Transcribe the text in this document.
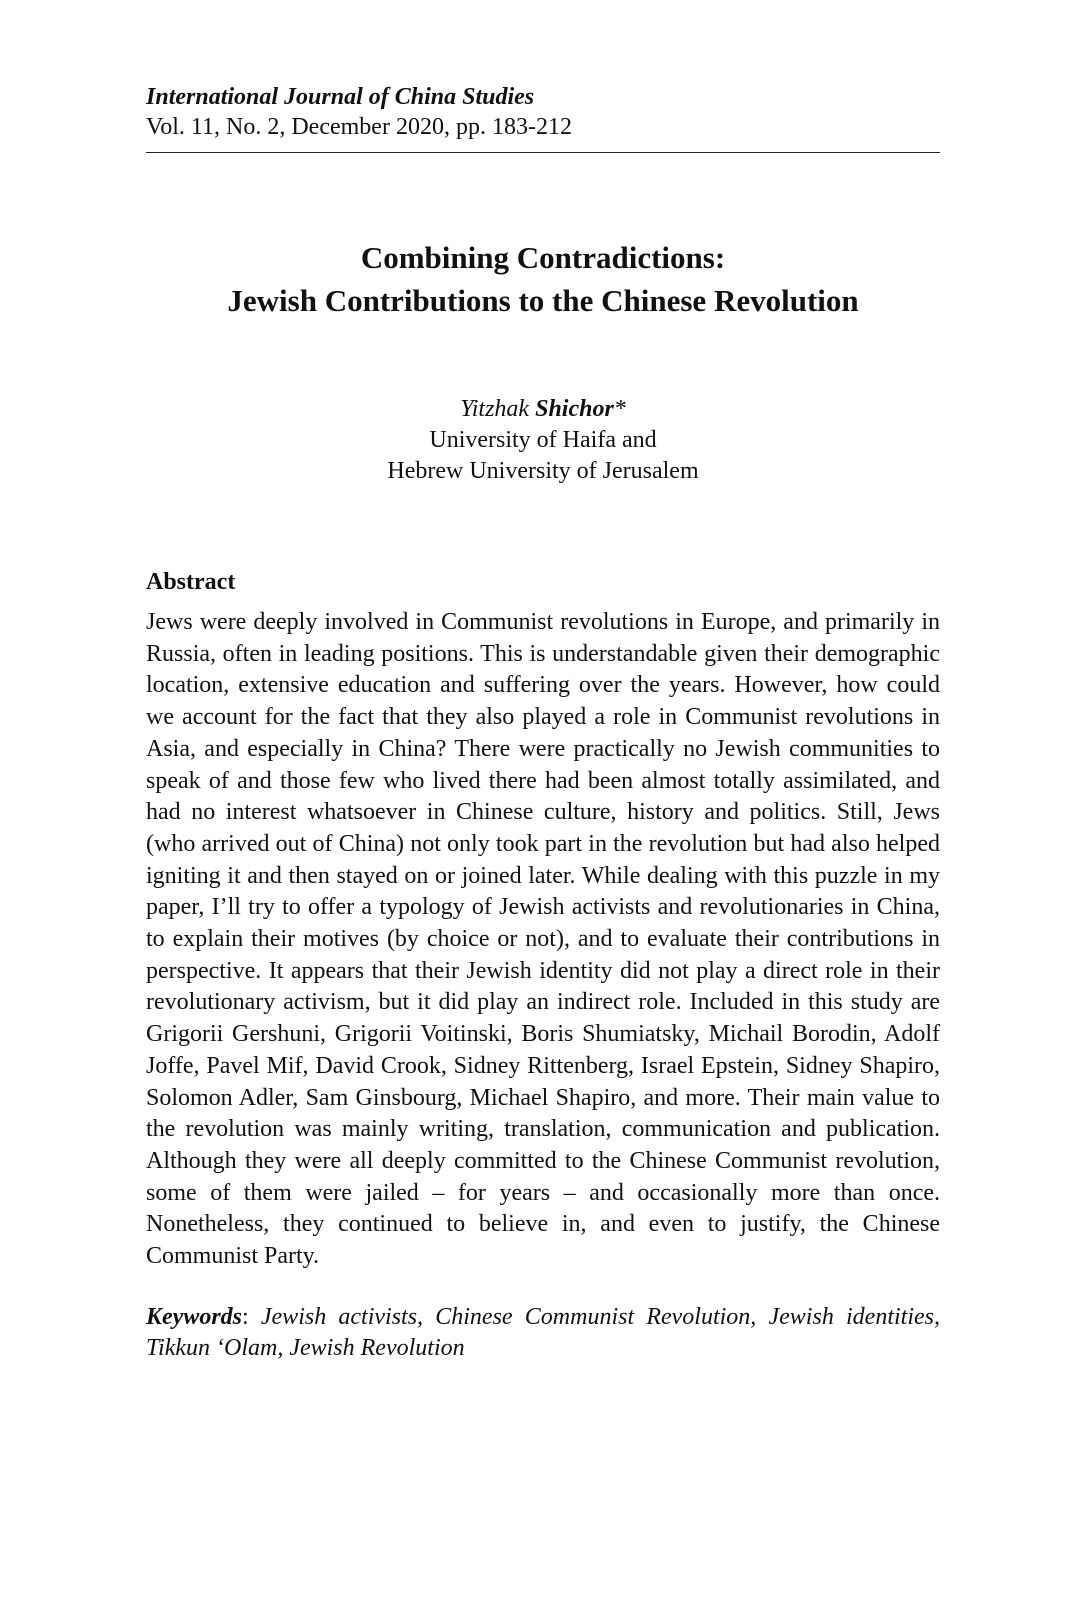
International Journal of China Studies

Vol. 11, No. 2, December 2020, pp. 183-212

Combining Contradictions:
Jewish Contributions to the Chinese Revolution
Yitzhak Shichor*
University of Haifa and
Hebrew University of Jerusalem
Abstract
Jews were deeply involved in Communist revolutions in Europe, and primarily in Russia, often in leading positions. This is understandable given their demographic location, extensive education and suffering over the years. However, how could we account for the fact that they also played a role in Communist revolutions in Asia, and especially in China? There were practically no Jewish communities to speak of and those few who lived there had been almost totally assimilated, and had no interest whatsoever in Chinese culture, history and politics. Still, Jews (who arrived out of China) not only took part in the revolution but had also helped igniting it and then stayed on or joined later. While dealing with this puzzle in my paper, I’ll try to offer a typology of Jewish activists and revolutionaries in China, to explain their motives (by choice or not), and to evaluate their contributions in perspective. It appears that their Jewish identity did not play a direct role in their revolutionary activism, but it did play an indirect role. Included in this study are Grigorii Gershuni, Grigorii Voitinski, Boris Shumiatsky, Michail Borodin, Adolf Joffe, Pavel Mif, David Crook, Sidney Rittenberg, Israel Epstein, Sidney Shapiro, Solomon Adler, Sam Ginsbourg, Michael Shapiro, and more. Their main value to the revolution was mainly writing, translation, communication and publication. Although they were all deeply committed to the Chinese Communist revolution, some of them were jailed – for years – and occasionally more than once. Nonetheless, they continued to believe in, and even to justify, the Chinese Communist Party.
Keywords: Jewish activists, Chinese Communist Revolution, Jewish identities, Tikkun ‘Olam, Jewish Revolution
